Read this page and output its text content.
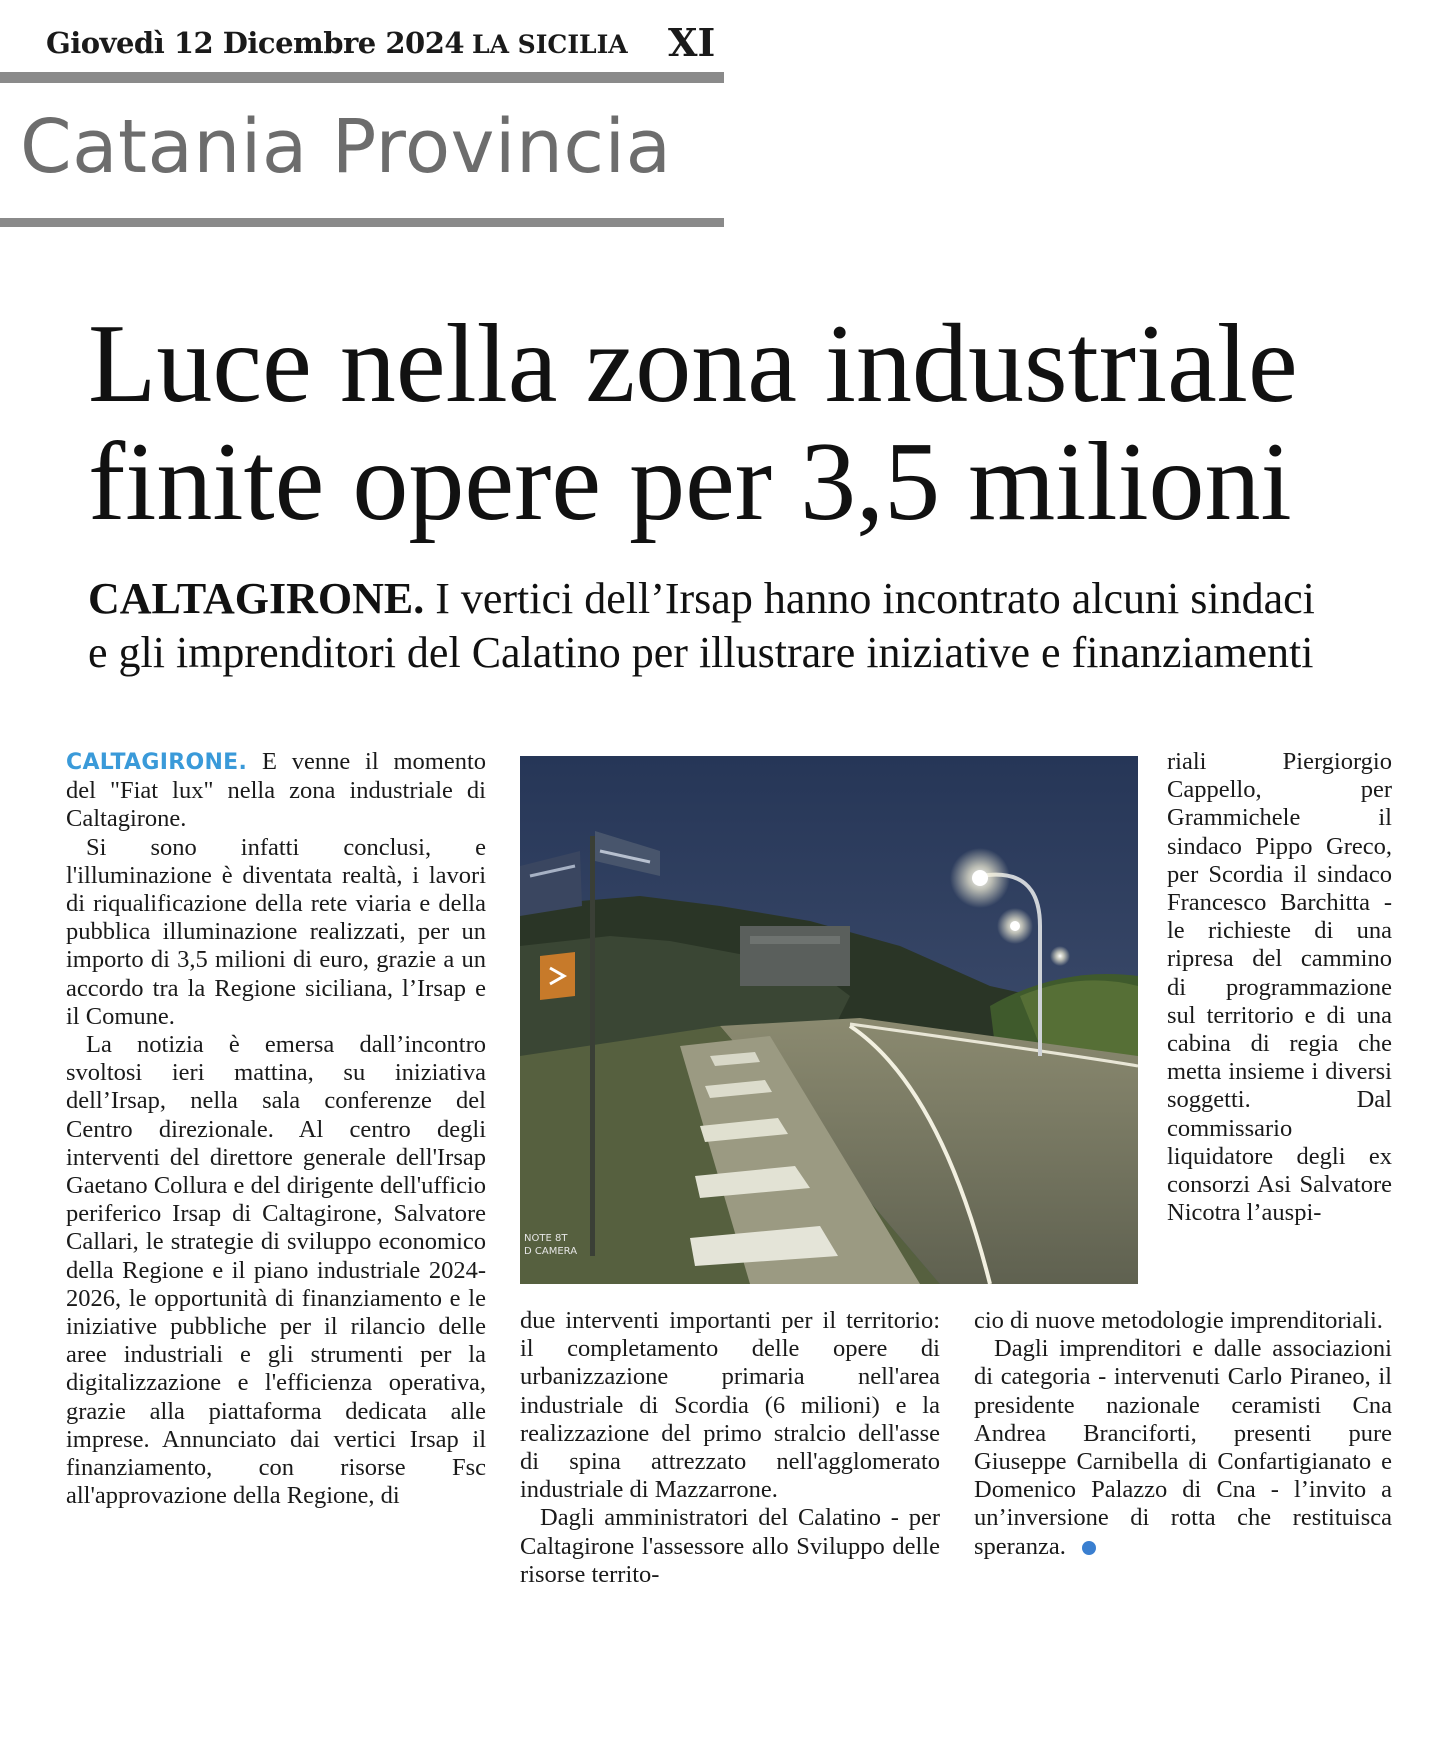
Giovedì 12 Dicembre 2024 LA SICILIA XI
Catania Provincia
Luce nella zona industriale
finite opere per 3,5 milioni
CALTAGIRONE. I vertici dell’Irsap hanno incontrato alcuni sindaci
e gli imprenditori del Calatino per illustrare iniziative e finanziamenti

CALTAGIRONE. E venne il momento del "Fiat lux" nella zona industriale di Caltagirone.

Si sono infatti conclusi, e l'illuminazione è diventata realtà, i lavori di riqualificazione della rete viaria e della pubblica illuminazione realizzati, per un importo di 3,5 milioni di euro, grazie a un accordo tra la Regione siciliana, l’Irsap e il Comune.

La notizia è emersa dall’incontro svoltosi ieri mattina, su iniziativa dell’Irsap, nella sala conferenze del Centro direzionale. Al centro degli interventi del direttore generale dell'Irsap Gaetano Collura e del dirigente dell'ufficio periferico Irsap di Caltagirone, Salvatore Callari, le strategie di sviluppo economico della Regione e il piano industriale 2024-2026, le opportunità di finanziamento e le iniziative pubbliche per il rilancio delle aree industriali e gli strumenti per la digitalizzazione e l'efficienza operativa, grazie alla piattaforma dedicata alle imprese. Annunciato dai vertici Irsap il finanziamento, con risorse Fsc all'approvazione della Regione, di

NOTE 8T
D CAMERA

due interventi importanti per il territorio: il completamento delle opere di urbanizzazione primaria nell'area industriale di Scordia (6 milioni) e la realizzazione del primo stralcio dell'asse di spina attrezzato nell'agglomerato industriale di Mazzarrone.

Dagli amministratori del Calatino - per Caltagirone l'assessore allo Sviluppo delle risorse territo-

riali Piergiorgio Cappello, per Grammichele il sindaco Pippo Greco, per Scordia il sindaco Francesco Barchitta - le richieste di una ripresa del cammino di programmazione sul territorio e di una cabina di regia che metta insieme i diversi soggetti. Dal commissario liquidatore degli ex consorzi Asi Salvatore Nicotra l’auspi-

cio di nuove metodologie imprenditoriali.

Dagli imprenditori e dalle associazioni di categoria - intervenuti Carlo Piraneo, il presidente nazionale ceramisti Cna Andrea Branciforti, presenti pure Giuseppe Carnibella di Confartigianato e Domenico Palazzo di Cna - l’invito a un’inversione di rotta che restituisca speranza.
